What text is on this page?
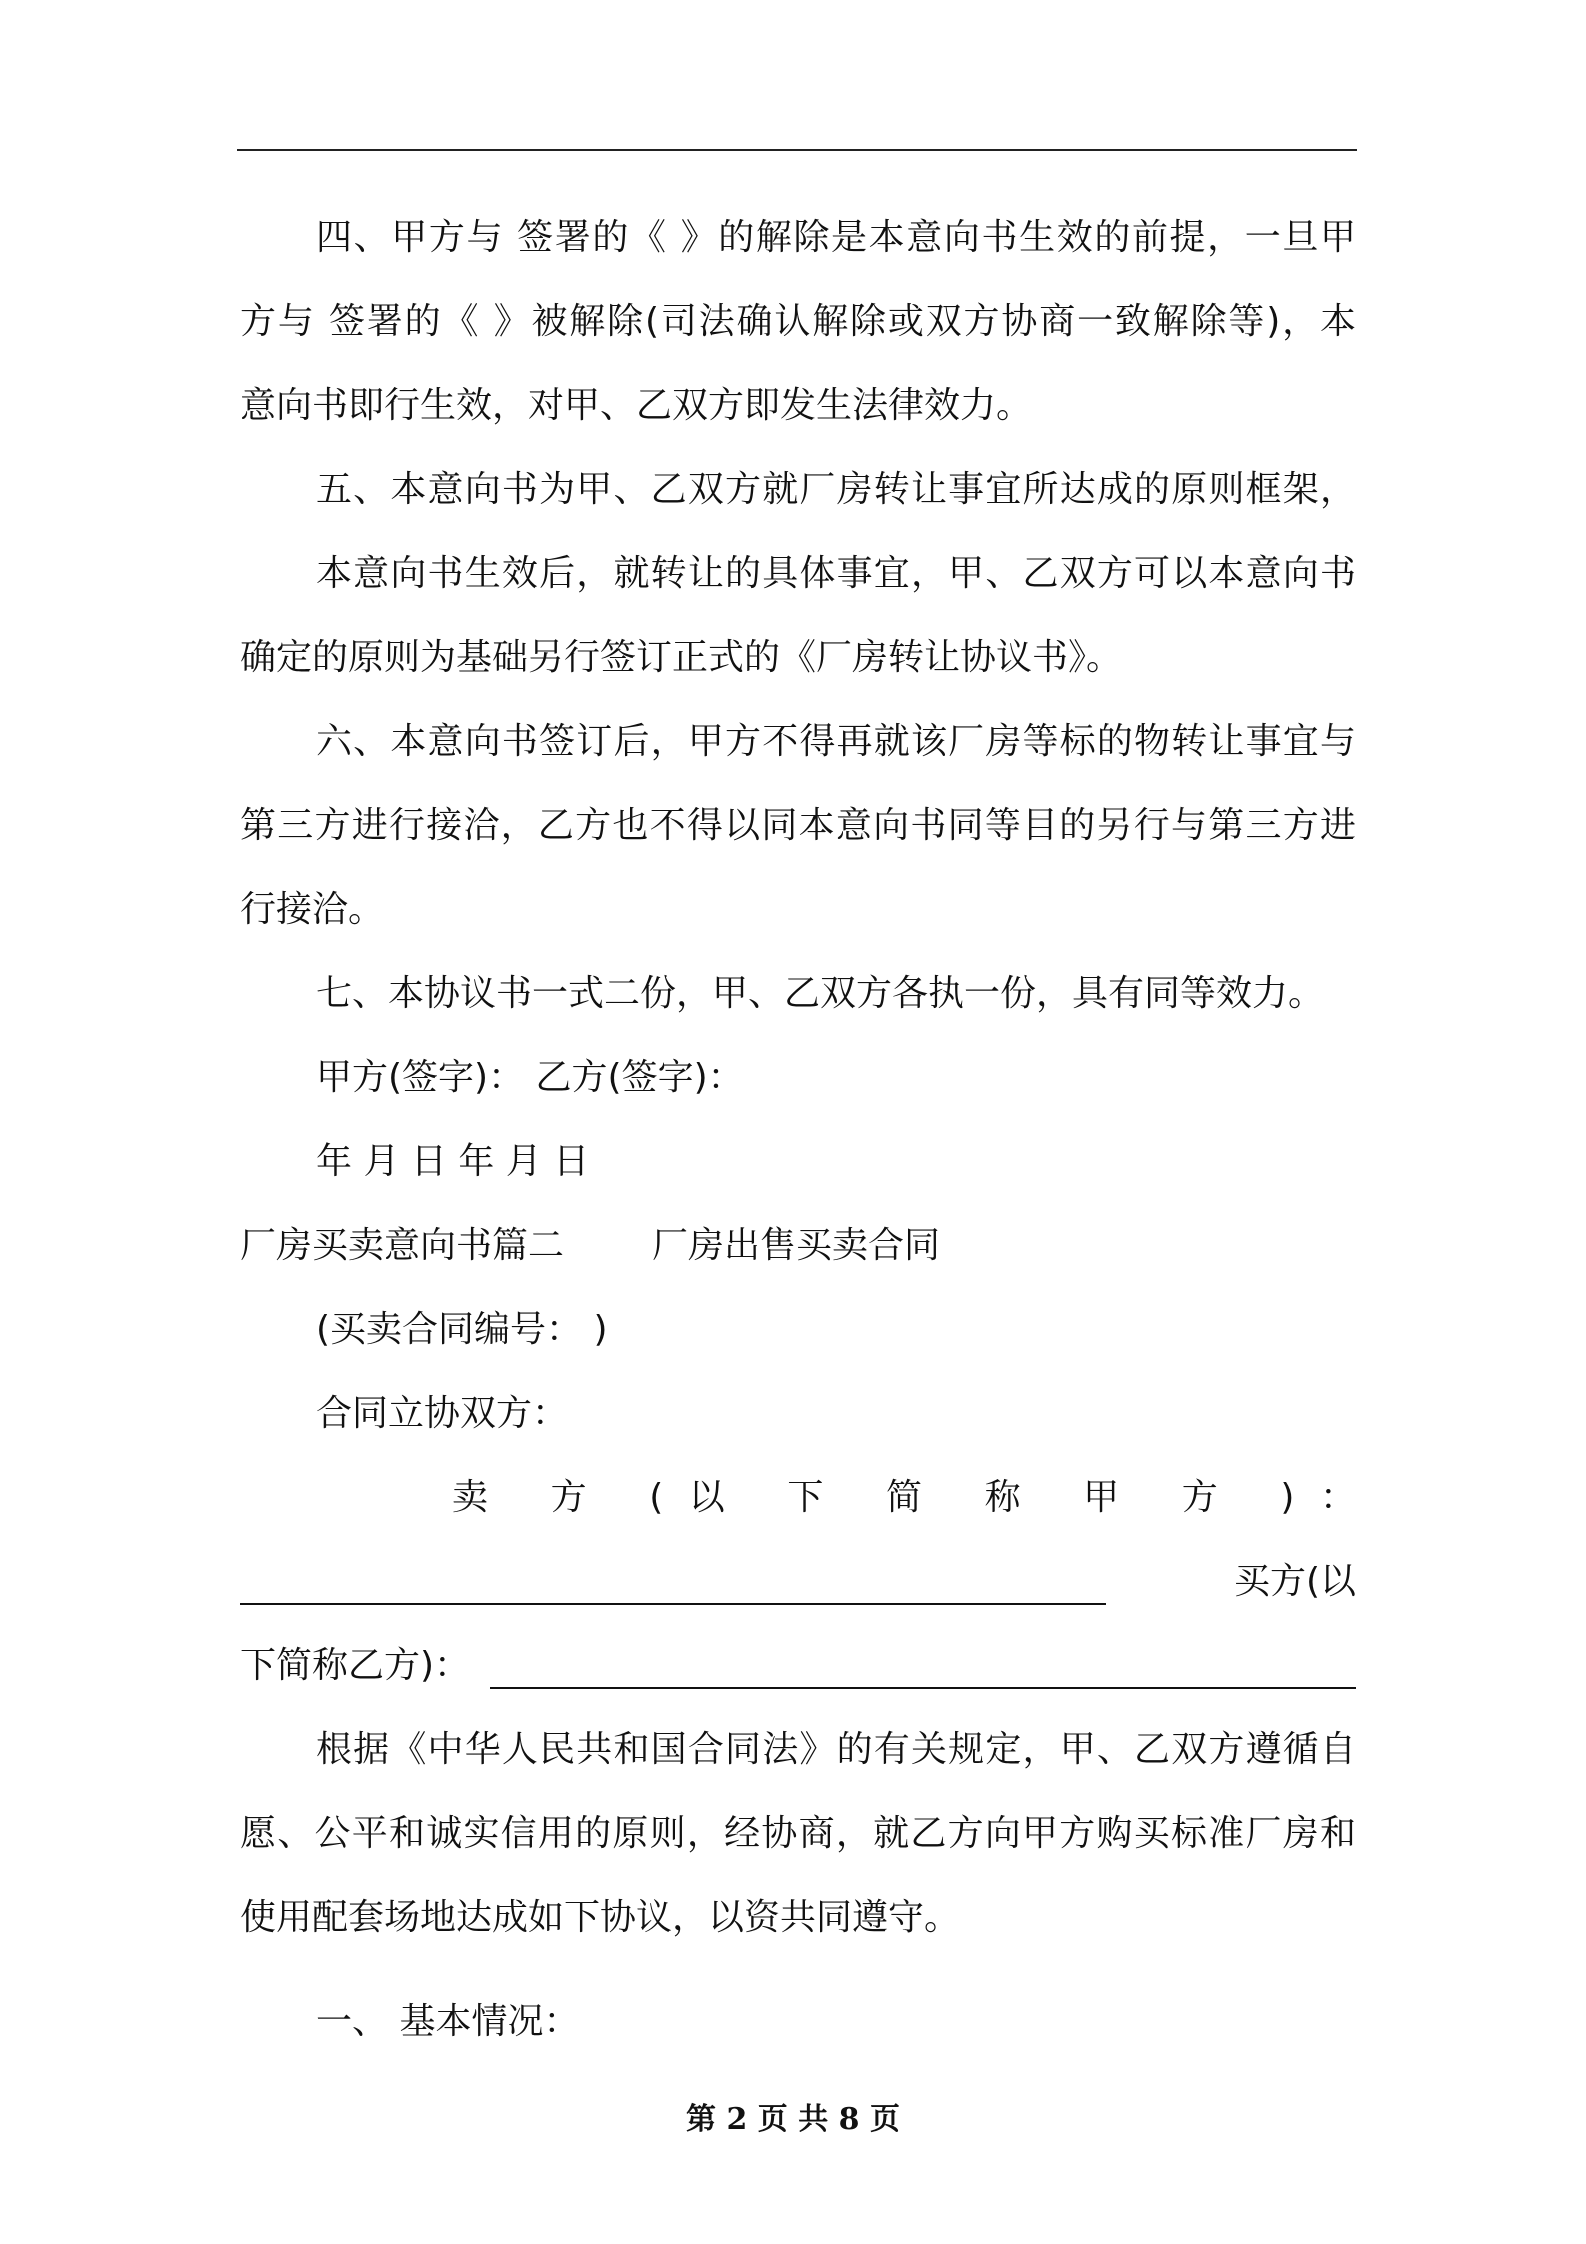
四、甲方与 签署的《 》的解除是本意向书生效的前提，一旦甲
方与 签署的《 》被解除(司法确认解除或双方协商一致解除等)，本
意向书即行生效，对甲、乙双方即发生法律效力。
五、本意向书为甲、乙双方就厂房转让事宜所达成的原则框架，
本意向书生效后，就转让的具体事宜，甲、乙双方可以本意向书
确定的原则为基础另行签订正式的《厂房转让协议书》。
六、本意向书签订后，甲方不得再就该厂房等标的物转让事宜与
第三方进行接洽，乙方也不得以同本意向书同等目的另行与第三方进
行接洽。
七、本协议书一式二份，甲、乙双方各执一份，具有同等效力。
甲方(签字)： 乙方(签字)：
年 月 日 年 月 日
厂房买卖意向书篇二	厂房出售买卖合同
(买卖合同编号： )
合同立协双方：
卖 方 (以 下 简 称 甲 方 )：
买方(以
下简称乙方)：
根据《中华人民共和国合同法》的有关规定，甲、乙双方遵循自
愿、公平和诚实信用的原则，经协商，就乙方向甲方购买标准厂房和
使用配套场地达成如下协议，以资共同遵守。
一、 基本情况：
第 2 页 共 8 页
